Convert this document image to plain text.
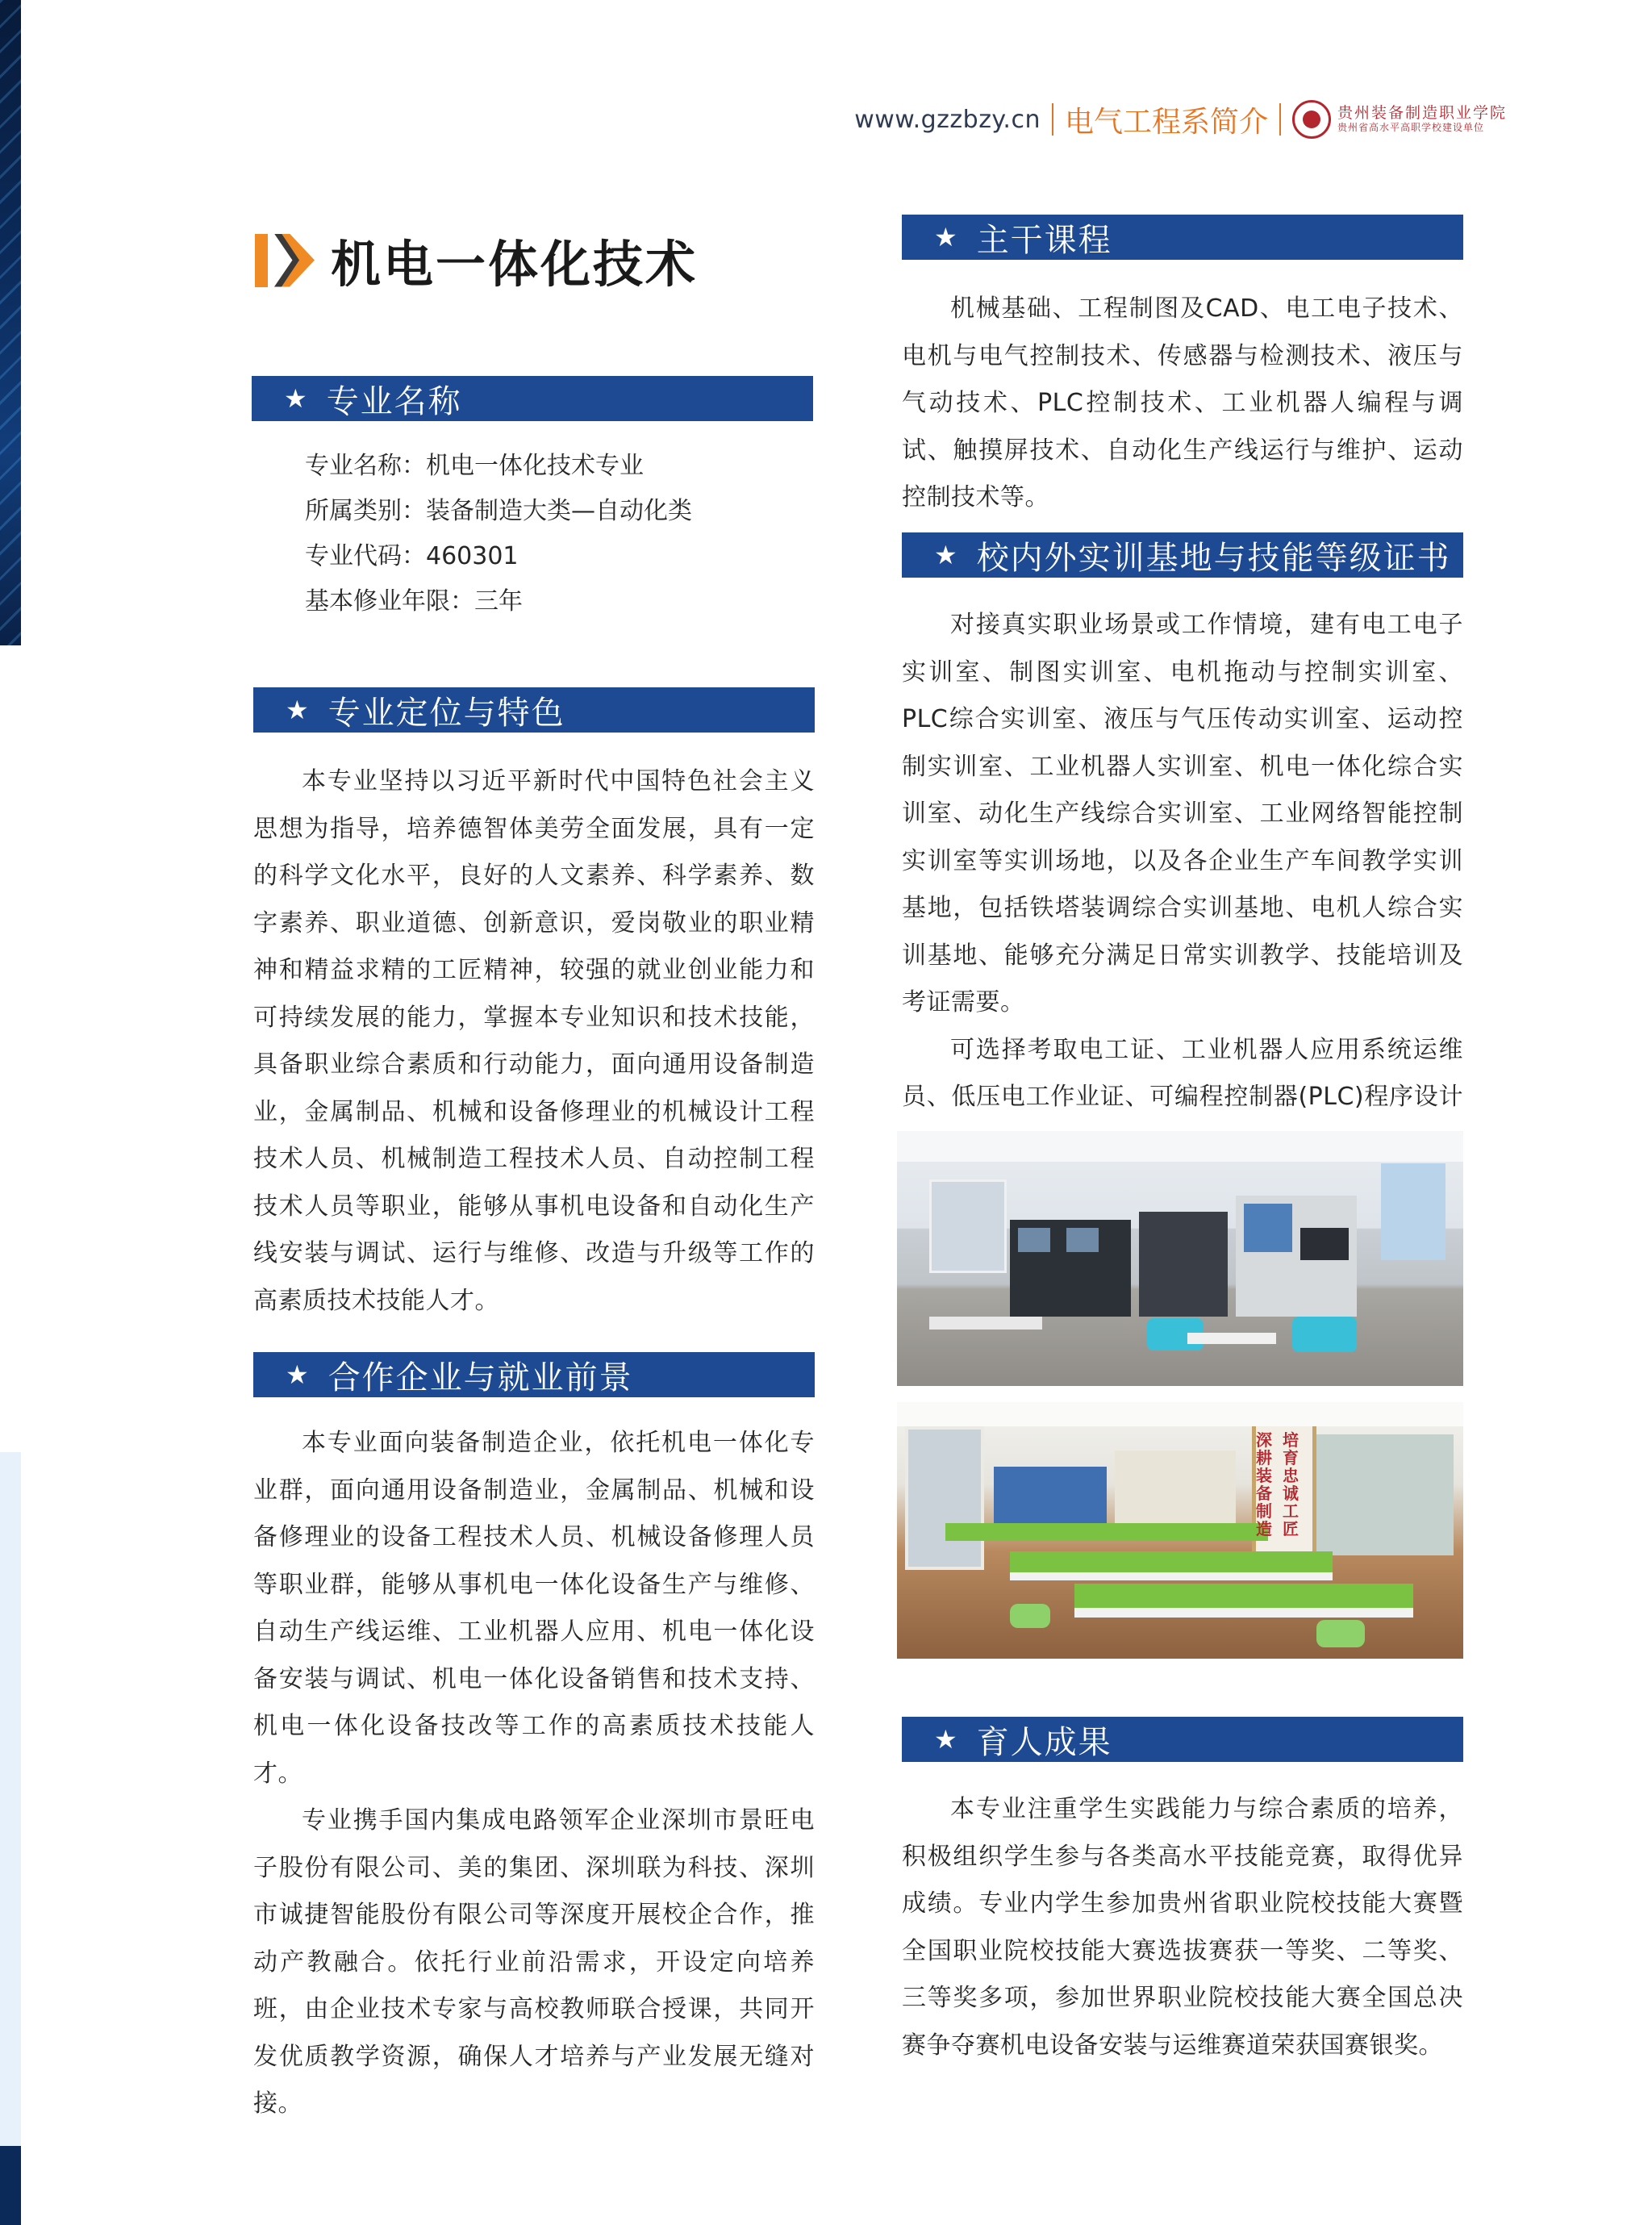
www.gzzbzy.cn 电气工程系简介	贵州装备制造职业学院
贵州省高水平高职学校建设单位
机电一体化技术
★ 专业名称
专业名称：机电一体化技术专业
所属类别：装备制造大类—自动化类
专业代码：460301
基本修业年限：三年
★ 专业定位与特色

本专业坚持以习近平新时代中国特色社会主义思想为指导，培养德智体美劳全面发展，具有一定的科学文化水平，良好的人文素养、科学素养、数字素养、职业道德、创新意识，爱岗敬业的职业精神和精益求精的工匠精神，较强的就业创业能力和可持续发展的能力，掌握本专业知识和技术技能，具备职业综合素质和行动能力，面向通用设备制造业，金属制品、机械和设备修理业的机械设计工程技术人员、机械制造工程技术人员、自动控制工程技术人员等职业，能够从事机电设备和自动化生产线安装与调试、运行与维修、改造与升级等工作的高素质技术技能人才。

★ 合作企业与就业前景

本专业面向装备制造企业，依托机电一体化专业群，面向通用设备制造业，金属制品、机械和设备修理业的设备工程技术人员、机械设备修理人员等职业群，能够从事机电一体化设备生产与维修、自动生产线运维、工业机器人应用、机电一体化设备安装与调试、机电一体化设备销售和技术支持、机电一体化设备技改等工作的高素质技术技能人才。

专业携手国内集成电路领军企业深圳市景旺电子股份有限公司、美的集团、深圳联为科技、深圳市诚捷智能股份有限公司等深度开展校企合作，推动产教融合。依托行业前沿需求，开设定向培养班，由企业技术专家与高校教师联合授课，共同开发优质教学资源，确保人才培养与产业发展无缝对接。

★ 主干课程

机械基础、工程制图及CAD、电工电子技术、电机与电气控制技术、传感器与检测技术、液压与气动技术、PLC控制技术、工业机器人编程与调试、触摸屏技术、自动化生产线运行与维护、运动控制技术等。

★ 校内外实训基地与技能等级证书

对接真实职业场景或工作情境，建有电工电子实训室、制图实训室、电机拖动与控制实训室、PLC综合实训室、液压与气压传动实训室、运动控制实训室、工业机器人实训室、机电一体化综合实训室、动化生产线综合实训室、工业网络智能控制实训室等实训场地，以及各企业生产车间教学实训基地，包括铁塔装调综合实训基地、电机人综合实训基地、能够充分满足日常实训教学、技能培训及考证需要。

可选择考取电工证、工业机器人应用系统运维员、低压电工作业证、可编程控制器(PLC)程序设计

深耕装备制造
培育忠诚工匠
★ 育人成果

本专业注重学生实践能力与综合素质的培养，积极组织学生参与各类高水平技能竞赛，取得优异成绩。专业内学生参加贵州省职业院校技能大赛暨全国职业院校技能大赛选拔赛获一等奖、二等奖、三等奖多项，参加世界职业院校技能大赛全国总决赛争夺赛机电设备安装与运维赛道荣获国赛银奖。
